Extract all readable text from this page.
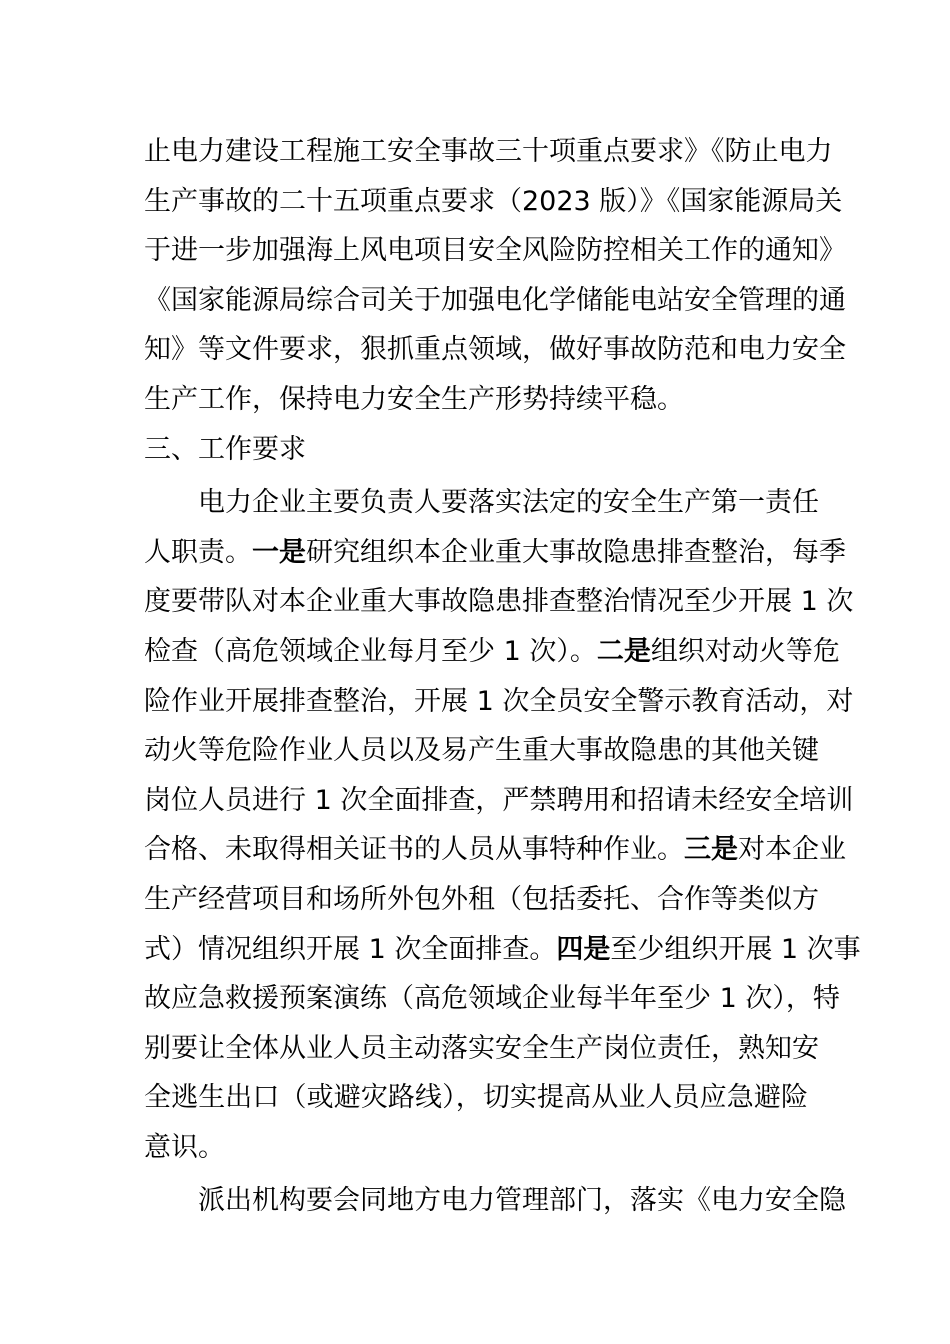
止电力建设工程施工安全事故三十项重点要求》《防止电力
生产事故的二十五项重点要求（2023 版）》《国家能源局关
于进一步加强海上风电项目安全风险防控相关工作的通知》
《国家能源局综合司关于加强电化学储能电站安全管理的通
知》等文件要求，狠抓重点领域，做好事故防范和电力安全
生产工作，保持电力安全生产形势持续平稳。
三、工作要求
电力企业主要负责人要落实法定的安全生产第一责任
人职责。一是研究组织本企业重大事故隐患排查整治，每季
度要带队对本企业重大事故隐患排查整治情况至少开展 1 次
检查（高危领域企业每月至少 1 次）。二是组织对动火等危
险作业开展排查整治，开展 1 次全员安全警示教育活动，对
动火等危险作业人员以及易产生重大事故隐患的其他关键
岗位人员进行 1 次全面排查，严禁聘用和招请未经安全培训
合格、未取得相关证书的人员从事特种作业。三是对本企业
生产经营项目和场所外包外租（包括委托、合作等类似方
式）情况组织开展 1 次全面排查。四是至少组织开展 1 次事
故应急救援预案演练（高危领域企业每半年至少 1 次），特
别要让全体从业人员主动落实安全生产岗位责任，熟知安
全逃生出口（或避灾路线），切实提高从业人员应急避险
意识。
派出机构要会同地方电力管理部门，落实《电力安全隐
